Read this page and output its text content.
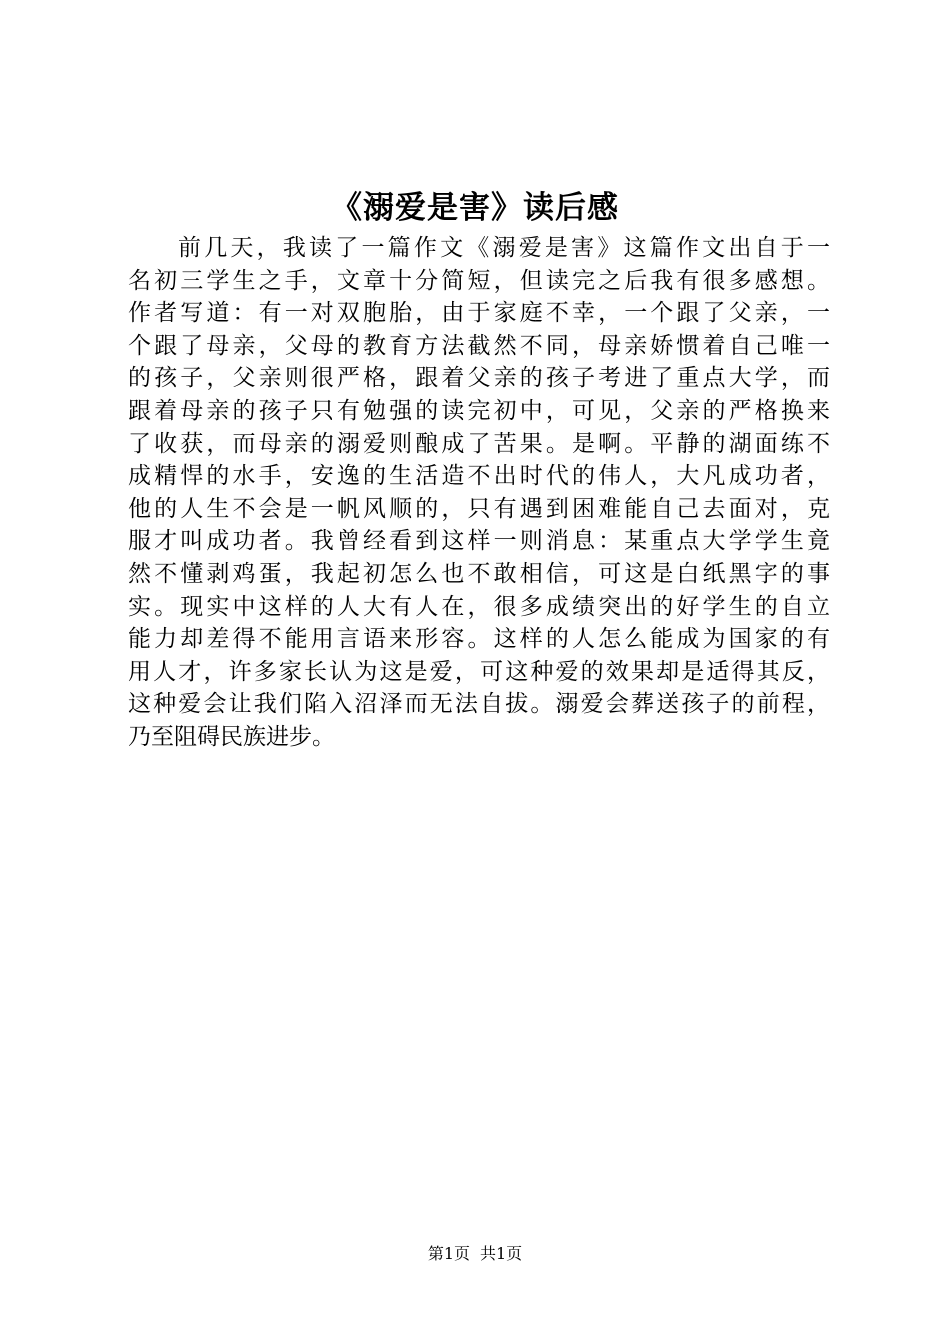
《溺爱是害》读后感
前几天，我读了一篇作文《溺爱是害》这篇作文出自于一
名初三学生之手，文章十分简短，但读完之后我有很多感想。
作者写道：有一对双胞胎，由于家庭不幸，一个跟了父亲，一
个跟了母亲，父母的教育方法截然不同，母亲娇惯着自己唯一
的孩子，父亲则很严格，跟着父亲的孩子考进了重点大学，而
跟着母亲的孩子只有勉强的读完初中，可见，父亲的严格换来
了收获，而母亲的溺爱则酿成了苦果。是啊。平静的湖面练不
成精悍的水手，安逸的生活造不出时代的伟人，大凡成功者，
他的人生不会是一帆风顺的，只有遇到困难能自己去面对，克
服才叫成功者。我曾经看到这样一则消息：某重点大学学生竟
然不懂剥鸡蛋，我起初怎么也不敢相信，可这是白纸黑字的事
实。现实中这样的人大有人在，很多成绩突出的好学生的自立
能力却差得不能用言语来形容。这样的人怎么能成为国家的有
用人才，许多家长认为这是爱，可这种爱的效果却是适得其反，
这种爱会让我们陷入沼泽而无法自拔。溺爱会葬送孩子的前程，
乃至阻碍民族进步。
第1页 共1页
